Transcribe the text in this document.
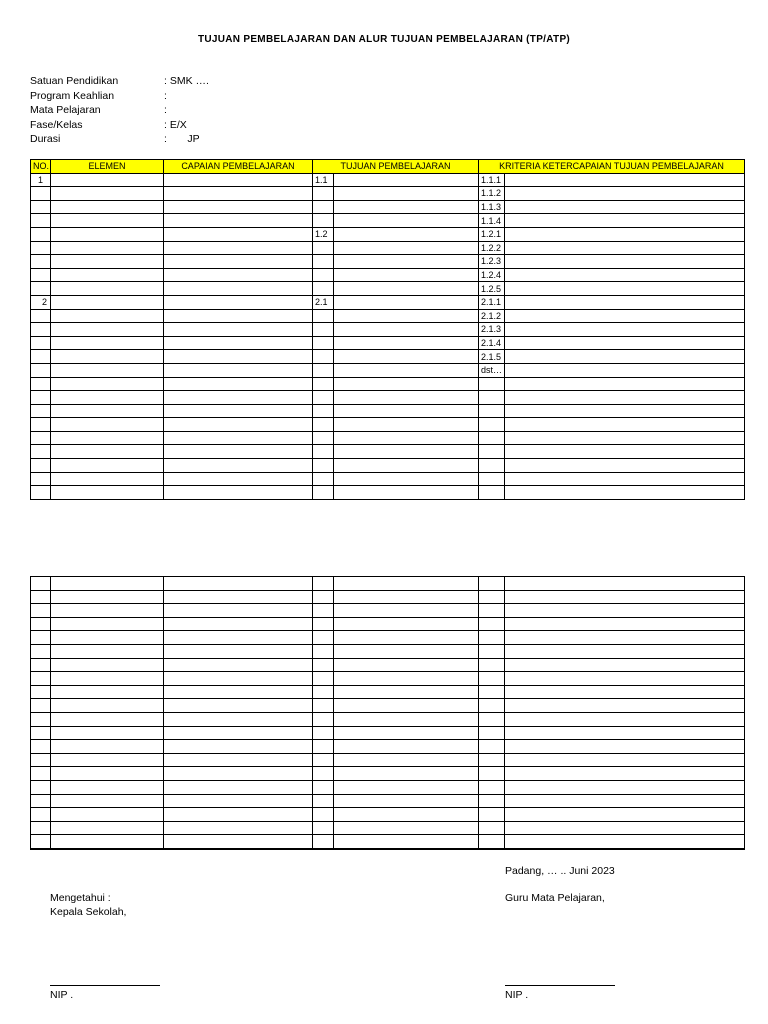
TUJUAN PEMBELAJARAN DAN ALUR TUJUAN PEMBELAJARAN (TP/ATP)
Satuan Pendidikan	: SMK ….
Program Keahlian	:
Mata Pelajaran	:
Fase/Kelas	: E/X
Durasi	:       JP
NO.	ELEMEN	CAPAIAN PEMBELAJARAN	TUJUAN PEMBELAJARAN		KRITERIA KETERCAPAIAN TUJUAN PEMBELAJARAN	
1			1.1		1.1.1	
					1.1.2	
					1.1.3	
					1.1.4	
			1.2		1.2.1	
					1.2.2	
					1.2.3	
					1.2.4	
					1.2.5	
2			2.1		2.1.1	
					2.1.2	
					2.1.3	
					2.1.4	
					2.1.5	
					dst…	

Padang, … .. Juni 2023
Mengetahui :
Kepala Sekolah,
Guru Mata Pelajaran,
NIP .	NIP .
